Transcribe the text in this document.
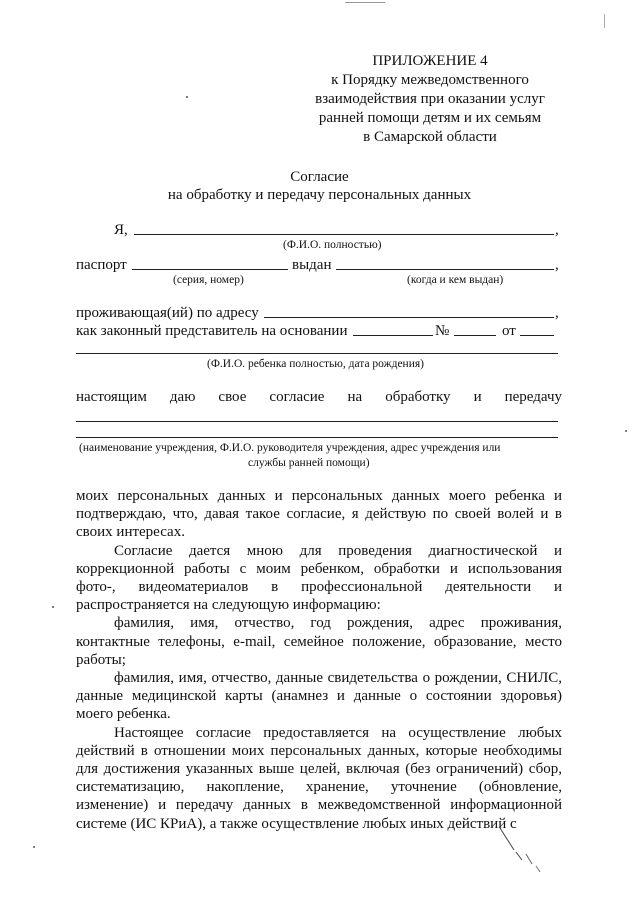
ПРИЛОЖЕНИЕ 4
к Порядку межведомственного
взаимодействия при оказании услуг
ранней помощи детям и их семьям
в Самарской области
Согласие
на обработку и передачу персональных данных
Я,	,
(Ф.И.О. полностью)
паспорт	выдан	,
(серия, номер)	(когда и кем выдан)
проживающая(ий) по адресу	,
как законный представитель на основании	№	от
(Ф.И.О. ребенка полностью, дата рождения)
настоящим даю свое согласие на обработку и передачу
(наименование учреждения, Ф.И.О. руководителя учреждения, адрес учреждения или
службы ранней помощи)

моих персональных данных и персональных данных моего ребенка и подтверждаю, что, давая такое согласие, я действую по своей волей и в своих интересах.

Согласие дается мною для проведения диагностической и коррекционной работы с моим ребенком, обработки и использования фото-, видеоматериалов в профессиональной деятельности и распространяется на следующую информацию:

фамилия, имя, отчество, год рождения, адрес проживания, контактные телефоны, e-mail, семейное положение, образование, место работы;

фамилия, имя, отчество, данные свидетельства о рождении, СНИЛС, данные медицинской карты (анамнез и данные о состоянии здоровья) моего ребенка.

Настоящее согласие предоставляется на осуществление любых действий в отношении моих персональных данных, которые необходимы для достижения указанных выше целей, включая (без ограничений) сбор, систематизацию, накопление, хранение, уточнение (обновление, изменение) и передачу данных в межведомственной информационной системе (ИС КРиА), а также осуществление любых иных действий с
